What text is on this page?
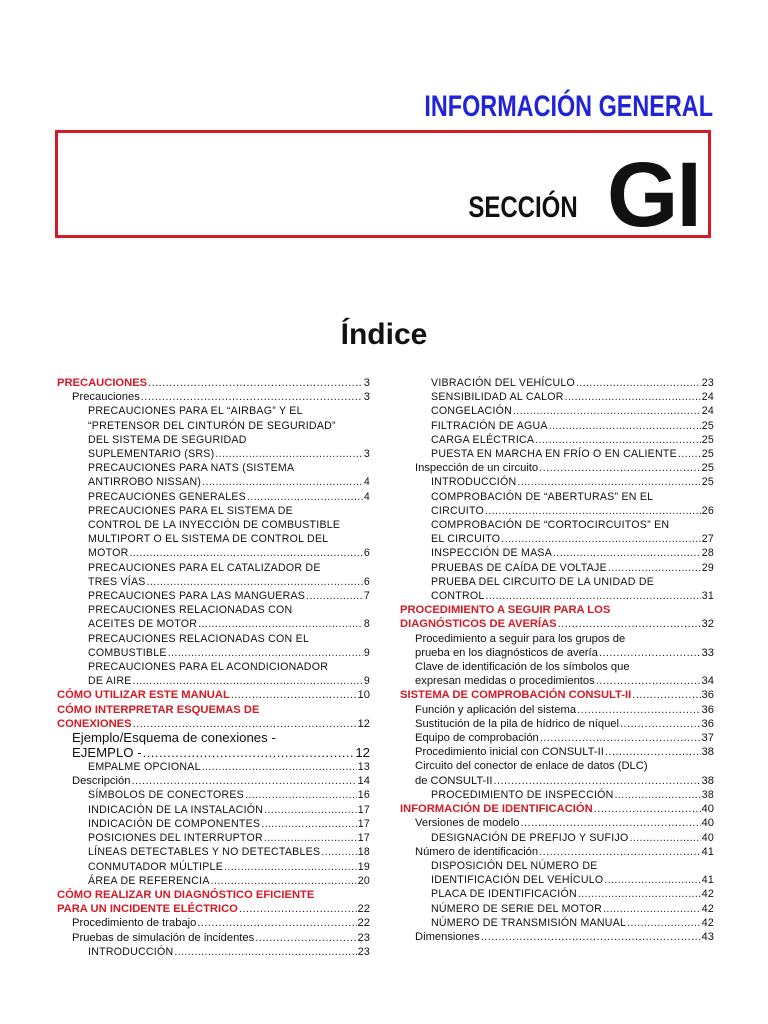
INFORMACIÓN GENERAL
SECCIÓN GI
Índice
PRECAUCIONES .....	3
Precauciones .....	3
PRECAUCIONES PARA EL “AIRBAG” Y EL
“PRETENSOR DEL CINTURÓN DE SEGURIDAD”
DEL SISTEMA DE SEGURIDAD
SUPLEMENTARIO (SRS) .....	3
PRECAUCIONES PARA NATS (SISTEMA
ANTIRROBO NISSAN) .....	4
PRECAUCIONES GENERALES .....	4
PRECAUCIONES PARA EL SISTEMA DE
CONTROL DE LA INYECCIÓN DE COMBUSTIBLE
MULTIPORT O EL SISTEMA DE CONTROL DEL
MOTOR .....	6
PRECAUCIONES PARA EL CATALIZADOR DE
TRES VÍAS .....	6
PRECAUCIONES PARA LAS MANGUERAS .....	7
PRECAUCIONES RELACIONADAS CON
ACEITES DE MOTOR .....	8
PRECAUCIONES RELACIONADAS CON EL
COMBUSTIBLE .....	9
PRECAUCIONES PARA EL ACONDICIONADOR
DE AIRE .....	9
CÓMO UTILIZAR ESTE MANUAL .....	10
CÓMO INTERPRETAR ESQUEMAS DE
CONEXIONES .....	12
Ejemplo/Esquema de conexiones -
EJEMPLO - .....	12
EMPALME OPCIONAL .....	13
Descripción .....	14
SÍMBOLOS DE CONECTORES .....	16
INDICACIÓN DE LA INSTALACIÓN .....	17
INDICACIÓN DE COMPONENTES .....	17
POSICIONES DEL INTERRUPTOR .....	17
LÍNEAS DETECTABLES Y NO DETECTABLES .....	18
CONMUTADOR MÚLTIPLE .....	19
ÁREA DE REFERENCIA .....	20
CÓMO REALIZAR UN DIAGNÓSTICO EFICIENTE
PARA UN INCIDENTE ELÉCTRICO .....	22
Procedimiento de trabajo .....	22
Pruebas de simulación de incidentes .....	23
INTRODUCCIÓN .....	23
VIBRACIÓN DEL VEHÍCULO .....	23
SENSIBILIDAD AL CALOR .....	24
CONGELACIÓN .....	24
FILTRACIÓN DE AGUA .....	25
CARGA ELÉCTRICA .....	25
PUESTA EN MARCHA EN FRÍO O EN CALIENTE ..... 25
Inspección de un circuito .....	25
INTRODUCCIÓN .....	25
COMPROBACIÓN DE “ABERTURAS” EN EL
CIRCUITO .....	26
COMPROBACIÓN DE “CORTOCIRCUITOS” EN
EL CIRCUITO .....	27
INSPECCIÓN DE MASA .....	28
PRUEBAS DE CAÍDA DE VOLTAJE .....	29
PRUEBA DEL CIRCUITO DE LA UNIDAD DE
CONTROL .....	31
PROCEDIMIENTO A SEGUIR PARA LOS
DIAGNÓSTICOS DE AVERÍAS .....	32
Procedimiento a seguir para los grupos de
prueba en los diagnósticos de avería .....	33
Clave de identificación de los símbolos que
expresan medidas o procedimientos .....	34
SISTEMA DE COMPROBACIÓN CONSULT-II .....	36
Función y aplicación del sistema .....	36
Sustitución de la pila de hídrico de níquel .....	36
Equipo de comprobación .....	37
Procedimiento inicial con CONSULT-II .....	38
Circuito del conector de enlace de datos (DLC)
de CONSULT-II .....	38
PROCEDIMIENTO DE INSPECCIÓN .....	38
INFORMACIÓN DE IDENTIFICACIÓN .....	40
Versiones de modelo .....	40
DESIGNACIÓN DE PREFIJO Y SUFIJO .....	40
Número de identificación .....	41
DISPOSICIÓN DEL NÚMERO DE
IDENTIFICACIÓN DEL VEHÍCULO .....	41
PLACA DE IDENTIFICACIÓN .....	42
NÚMERO DE SERIE DEL MOTOR .....	42
NÚMERO DE TRANSMISIÓN MANUAL .....	42
Dimensiones .....	43
